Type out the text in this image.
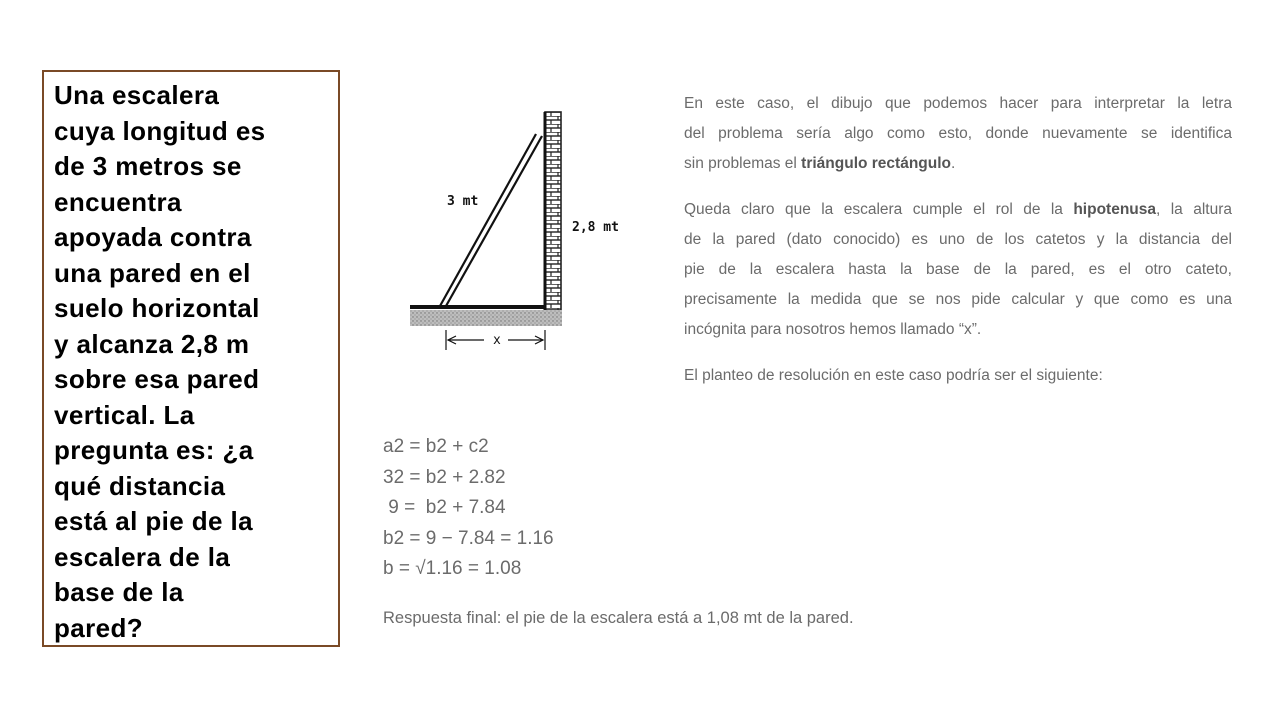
Una escalera
cuya longitud es
de 3 metros se
encuentra
apoyada contra
una pared en el
suelo horizontal
y alcanza 2,8 m
sobre esa pared
vertical. La
pregunta es: ¿a
qué distancia
está al pie de la
escalera de la
base de la
pared?

3 mt
2,8 mt
x

En este caso, el dibujo que podemos hacer para interpretar la letra
del problema sería algo como esto, donde nuevamente se identifica
sin problemas el triángulo rectángulo.

Queda claro que la escalera cumple el rol de la hipotenusa, la altura
de la pared (dato conocido) es uno de los catetos y la distancia del
pie de la escalera hasta la base de la pared, es el otro cateto,
precisamente la medida que se nos pide calcular y que como es una
incógnita para nosotros hemos llamado “x”.

El planteo de resolución en este caso podría ser el siguiente:

a2 = b2 + c2
32 = b2 + 2.82
9 =  b2 + 7.84
b2 = 9 − 7.84 = 1.16
b = √1.16 = 1.08
Respuesta final: el pie de la escalera está a 1,08 mt de la pared.
